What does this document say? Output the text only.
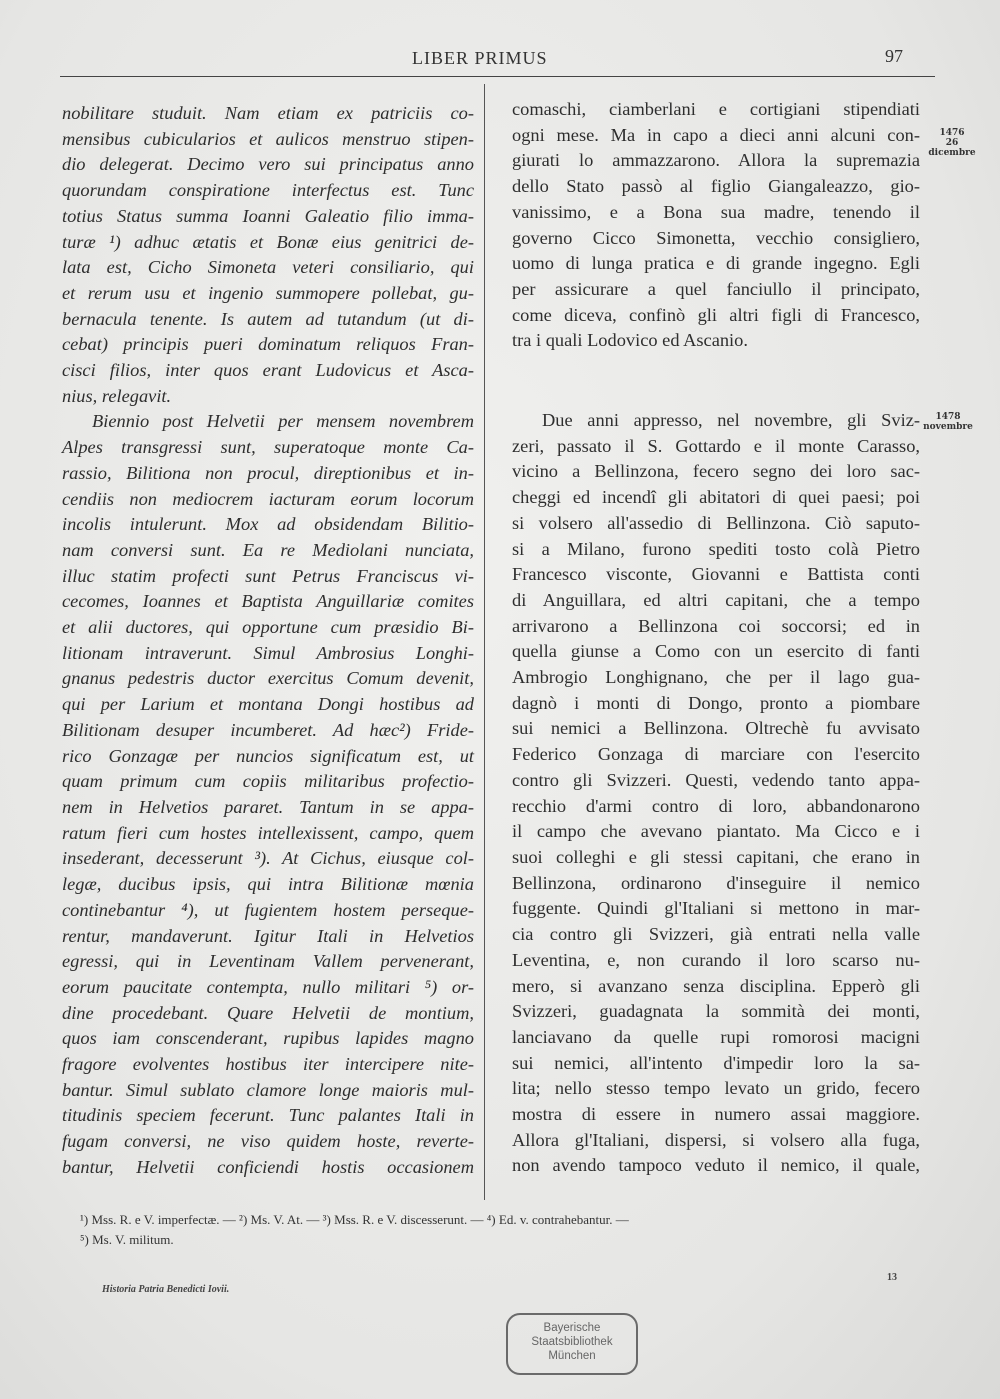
LIBER PRIMUS	97

nobilitare studuit. Nam etiam ex patriciis co-
mensibus cubicularios et aulicos menstruo stipen-
dio delegerat. Decimo vero sui principatus anno
quorundam conspiratione interfectus est. Tunc
totius Status summa Ioanni Galeatio filio imma-
turæ ¹) adhuc ætatis et Bonæ eius genitrici de-
lata est, Cicho Simoneta veteri consiliario, qui
et rerum usu et ingenio summopere pollebat, gu-
bernacula tenente. Is autem ad tutandum (ut di-
cebat) principis pueri dominatum reliquos Fran-
cisci filios, inter quos erant Ludovicus et Asca-
nius, relegavit.

Biennio post Helvetii per mensem novembrem
Alpes transgressi sunt, superatoque monte Ca-
rassio, Bilitiona non procul, direptionibus et in-
cendiis non mediocrem iacturam eorum locorum
incolis intulerunt. Mox ad obsidendam Bilitio-
nam conversi sunt. Ea re Mediolani nunciata,
illuc statim profecti sunt Petrus Franciscus vi-
cecomes, Ioannes et Baptista Anguillariæ comites
et alii ductores, qui opportune cum præsidio Bi-
litionam intraverunt. Simul Ambrosius Longhi-
gnanus pedestris ductor exercitus Comum devenit,
qui per Larium et montana Dongi hostibus ad
Bilitionam desuper incumberet. Ad hæc²) Fride-
rico Gonzagæ per nuncios significatum est, ut
quam primum cum copiis militaribus profectio-
nem in Helvetios pararet. Tantum in se appa-
ratum fieri cum hostes intellexissent, campo, quem
insederant, decesserunt ³). At Cichus, eiusque col-
legæ, ducibus ipsis, qui intra Bilitionæ mœnia
continebantur ⁴), ut fugientem hostem perseque-
rentur, mandaverunt. Igitur Itali in Helvetios
egressi, qui in Leventinam Vallem pervenerant,
eorum paucitate contempta, nullo militari ⁵) or-
dine procedebant. Quare Helvetii de montium,
quos iam conscenderant, rupibus lapides magno
fragore evolventes hostibus iter intercipere nite-
bantur. Simul sublato clamore longe maioris mul-
titudinis speciem fecerunt. Tunc palantes Itali in
fugam conversi, ne viso quidem hoste, reverte-
bantur, Helvetii conficiendi hostis occasionem

comaschi, ciamberlani e cortigiani stipendiati
ogni mese. Ma in capo a dieci anni alcuni con-
giurati lo ammazzarono. Allora la supremazia
dello Stato passò al figlio Giangaleazzo, gio-
vanissimo, e a Bona sua madre, tenendo il
governo Cicco Simonetta, vecchio consigliero,
uomo di lunga pratica e di grande ingegno. Egli
per assicurare a quel fanciullo il principato,
come diceva, confinò gli altri figli di Francesco,
tra i quali Lodovico ed Ascanio.

Due anni appresso, nel novembre, gli Sviz-
zeri, passato il S. Gottardo e il monte Carasso,
vicino a Bellinzona, fecero segno dei loro sac-
cheggi ed incendî gli abitatori di quei paesi; poi
si volsero all'assedio di Bellinzona. Ciò saputo-
si a Milano, furono spediti tosto colà Pietro
Francesco visconte, Giovanni e Battista conti
di Anguillara, ed altri capitani, che a tempo
arrivarono a Bellinzona coi soccorsi; ed in
quella giunse a Como con un esercito di fanti
Ambrogio Longhignano, che per il lago gua-
dagnò i monti di Dongo, pronto a piombare
sui nemici a Bellinzona. Oltrechè fu avvisato
Federico Gonzaga di marciare con l'esercito
contro gli Svizzeri. Questi, vedendo tanto appa-
recchio d'armi contro di loro, abbandonarono
il campo che avevano piantato. Ma Cicco e i
suoi colleghi e gli stessi capitani, che erano in
Bellinzona, ordinarono d'inseguire il nemico
fuggente. Quindi gl'Italiani si mettono in mar-
cia contro gli Svizzeri, già entrati nella valle
Leventina, e, non curando il loro scarso nu-
mero, si avanzano senza disciplina. Epperò gli
Svizzeri, guadagnata la sommità dei monti,
lanciavano da quelle rupi romorosi macigni
sui nemici, all'intento d'impedir loro la sa-
lita; nello stesso tempo levato un grido, fecero
mostra di essere in numero assai maggiore.
Allora gl'Italiani, dispersi, si volsero alla fuga,
non avendo tampoco veduto il nemico, il quale,

1476
26 dicembre
1478
novembre
¹) Mss. R. e V. imperfectæ. — ²) Ms. V. At. — ³) Mss. R. e V. discesserunt. — ⁴) Ed. v. contrahebantur. —
⁵) Ms. V. militum.
Historia Patria Benedicti Iovii.
13
Bayerische
Staatsbibliothek
München
